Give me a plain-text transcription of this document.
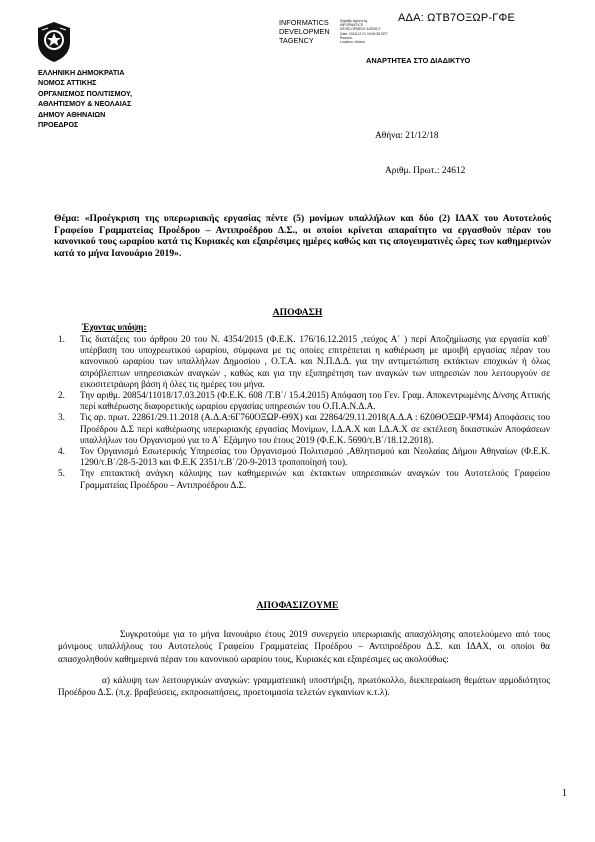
ΑΔΑ: ΩΤΒ7ΟΞΩΡ-ΓΦΕ
ΕΛΛΗΝΙΚΗ ΔΗΜΟΚΡΑΤΙΑ
ΝΟΜΟΣ ΑΤΤΙΚΗΣ
ΟΡΓΑΝΙΣΜΟΣ ΠΟΛΙΤΙΣΜΟΥ,
ΑΘΛΗΤΙΣΜΟΥ & ΝΕΟΛΑΙΑΣ
ΔΗΜΟΥ ΑΘΗΝΑΙΩΝ
ΠΡΟΕΔΡΟΣ
INFORMATICS
DEVELOPMEN
TAGENCY
Digitally signed by
INFORMATICS
DEVELOPMENT AGENCY
Date: 2018.12.21 15:45:38 EET
Reason:
Location: Athens
ΑΝΑΡΤΗΤΕΑ ΣΤΟ ΔΙΑΔΙΚΤΥΟ
Αθήνα: 21/12/18
Αριθμ. Πρωτ.: 24612
Θέμα: «Προέγκριση της υπερωριακής εργασίας πέντε (5) μονίμων υπαλλήλων και δύο (2) ΙΔΑΧ του Αυτοτελούς Γραφείου Γραμματείας Προέδρου – Αντιπροέδρου Δ.Σ., οι οποίοι κρίνεται απαραίτητο να εργασθούν πέραν του κανονικού τους ωραρίου κατά τις Κυριακές και εξαιρέσιμες ημέρες καθώς και τις απογευματινές ώρες των καθημερινών κατά το μήνα Ιανουάριο 2019».
ΑΠΟΦΑΣΗ
Έχοντας υπόψη:
1. Τις διατάξεις του άρθρου 20 του Ν. 4354/2015 (Φ.Ε.Κ. 176/16.12.2015 ,τεύχος Α΄ ) περί Αποζημίωσης για εργασία καθ΄ υπέρβαση του υποχρεωτικού ωραρίου, σύμφωνα με τις οποίες επιτρέπεται η καθιέρωση με αμοιβή εργασίας πέραν του κανονικού ωραρίου των υπαλλήλων Δημοσίου , Ο.Τ.Α. και Ν.Π.Δ.Δ. για την αντιμετώπιση εκτάκτων εποχικών ή όλως απρόβλεπτων υπηρεσιακών αναγκών , καθώς και για την εξυπηρέτηση των αναγκών των υπηρεσιών που λειτουργούν σε εικοσιτετράωρη βάση ή όλες τις ημέρες του μήνα.
2. Την αριθμ. 20854/11018/17.03.2015 (Φ.Ε.Κ. 608 /Τ.Β΄/ 15.4.2015) Απόφαση του Γεν. Γραμ. Αποκεντρωμένης Δ/νσης Αττικής περί καθιέρωσης διαφορετικής ωραρίου εργασίας υπηρεσιών του Ο.Π.Α.Ν.Δ.Α.
3. Τις αρ. πρωτ. 22861/29.11.2018 (Α.Δ.Α:6Γ760ΟΞΩΡ-Θ9Χ) και 22864/29.11.2018(Α.Δ.Α : 6Ζ0ΘΟΞΩΡ-ΨΜ4) Αποφάσεις του Προέδρου Δ.Σ περί καθιέρωσης υπερωριακής εργασίας Μονίμων, Ι.Δ.Α.Χ και Ι.Δ.Α.Χ σε εκτέλεση δικαστικών Αποφάσεων υπαλλήλων του Οργανισμού για το Α΄ Εξάμηνο του έτους 2019 (Φ.Ε.Κ. 5690/τ.Β΄/18.12.2018).
4. Τον Οργανισμό Εσωτερικής Υπηρεσίας του Οργανισμού Πολιτισμού ,Αθλητισμού και Νεολαίας Δήμου Αθηναίων (Φ.Ε.Κ. 1290/τ.Β΄/28-5-2013 και Φ.Ε.Κ 2351/τ.Β΄/20-9-2013 τροποποίησή του).
5. Την επιτακτική ανάγκη κάλυψης των καθημερινών και έκτακτων υπηρεσιακών αναγκών του Αυτοτελούς Γραφείου Γραμματείας Προέδρου – Αντιπροέδρου Δ.Σ.
ΑΠΟΦΑΣΙΖΟΥΜΕ
Συγκροτούμε για το μήνα Ιανουάριο έτους 2019 συνεργείο υπερωριακής απασχόλησης αποτελούμενο από τους μόνιμους υπαλλήλους του Αυτοτελούς Γραφείου Γραμματείας Προέδρου – Αντιπροέδρου Δ.Σ. και ΙΔΑΧ, οι οποίοι θα απασχοληθούν καθημερινά πέραν του κανονικού ωραρίου τους, Κυριακές και εξαιρέσιμες ως ακολούθως:
α) κάλυψη των λειτουργικών αναγκών: γραμματειακή υποστήριξη, πρωτόκολλο, διεκπεραίωση θεμάτων αρμοδιότητος Προέδρου Δ.Σ. (π.χ. βραβεύσεις, εκπροσωπήσεις, προετοιμασία τελετών εγκαινίων κ.τ.λ).
1
